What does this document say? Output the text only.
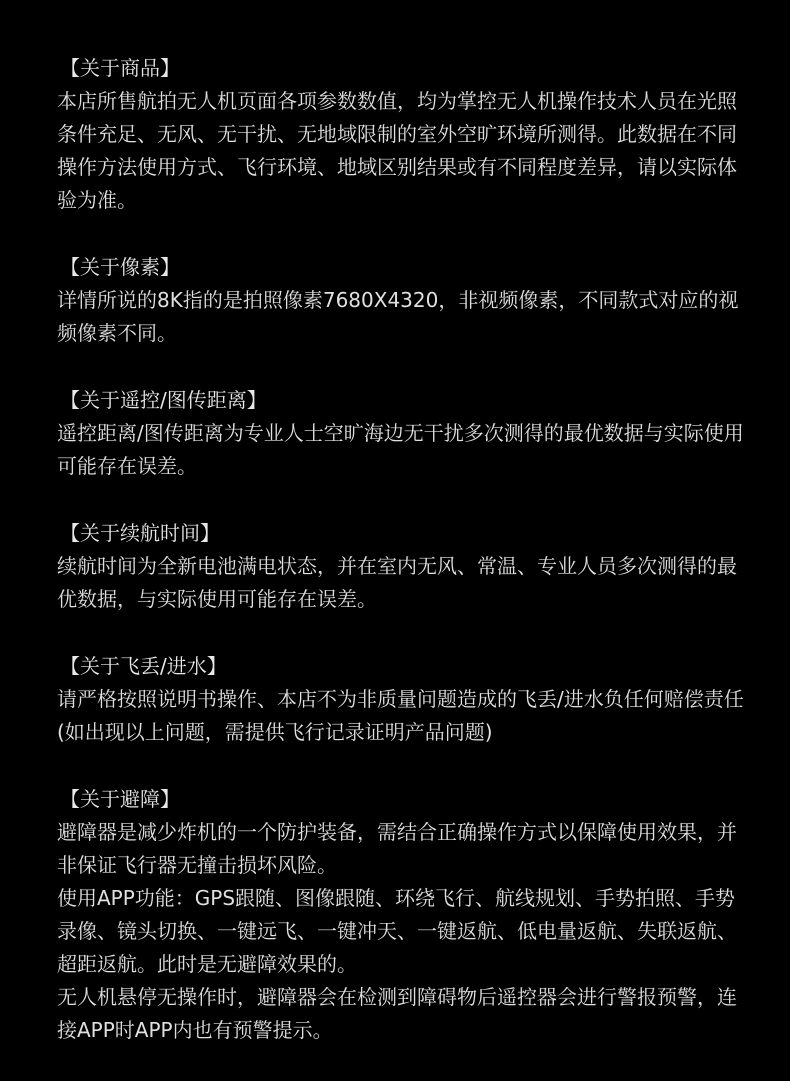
【关于商品】

本店所售航拍无人机页面各项参数数值，均为掌控无人机操作技术人员在光照条件充足、无风、无干扰、无地域限制的室外空旷环境所测得。此数据在不同操作方法使用方式、飞行环境、地域区别结果或有不同程度差异，请以实际体验为准。

【关于像素】

详情所说的8K指的是拍照像素7680X4320，非视频像素，不同款式对应的视频像素不同。

【关于遥控/图传距离】

遥控距离/图传距离为专业人士空旷海边无干扰多次测得的最优数据与实际使用可能存在误差。

【关于续航时间】

续航时间为全新电池满电状态，并在室内无风、常温、专业人员多次测得的最优数据，与实际使用可能存在误差。

【关于飞丢/进水】

请严格按照说明书操作、本店不为非质量问题造成的飞丢/进水负任何赔偿责任(如出现以上问题，需提供飞行记录证明产品问题)

【关于避障】

避障器是减少炸机的一个防护装备，需结合正确操作方式以保障使用效果，并非保证飞行器无撞击损坏风险。

使用APP功能：GPS跟随、图像跟随、环绕飞行、航线规划、手势拍照、手势录像、镜头切换、一键远飞、一键冲天、一键返航、低电量返航、失联返航、超距返航。此时是无避障效果的。

无人机悬停无操作时，避障器会在检测到障碍物后遥控器会进行警报预警，连接APP时APP内也有预警提示。
